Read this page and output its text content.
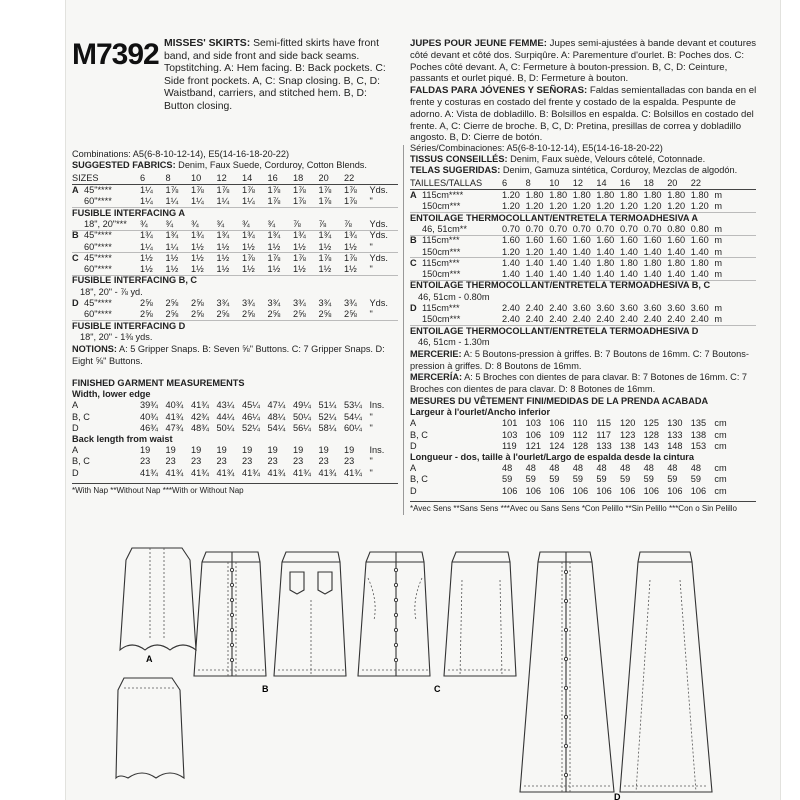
M7392 MISSES' SKIRTS: Semi-fitted skirts have front band, and side front and side back seams. Topstitching. A: Hem facing. B: Back pockets. C: Side front pockets. A, C: Snap closing. B, C, D: Waistband, carriers, and stitched hem. B, D: Button closing.
JUPES POUR JEUNE FEMME: Jupes semi-ajustées à bande devant et coutures côté devant et côté dos. Surpiqûre. A: Parementure d'ourlet. B: Poches dos. C: Poches côté devant. A, C: Fermeture à bouton-pression. B, C, D: Ceinture, passants et ourlet piqué. B, D: Fermeture à bouton.
FALDAS PARA JÓVENES Y SEÑORAS: Faldas semientalladas con banda en el frente y costuras en costado del frente y costado de la espalda. Pespunte de adorno. A: Vista de dobladillo. B: Bolsillos en espalda. C: Bolsillos en costado del frente. A, C: Cierre de broche. B, C, D: Pretina, presillas de correa y dobladillo angosto. B, D: Cierre de botón.
A
B	C
D
Combinations: A5(6-8-10-12-14), E5(14-16-18-20-22)
SUGGESTED FABRICS: Denim, Faux Suede, Corduroy, Cotton Blends.
SIZES	6 8 10 12 14 16 18 20 22
A 45"****	1¼ 1⅞ 1⅞ 1⅞ 1⅞ 1⅞ 1⅞ 1⅞ 1⅞ Yds.
60"****	1¼ 1¼ 1¼ 1¼ 1¼ 1⅞ 1⅞ 1⅞ 1⅞ "
FUSIBLE INTERFACING A
18", 20"*** ¾ ¾ ¾ ¾ ¾ ¾ ⅞ ⅞ ⅞ Yds.
B 45"****	1¾ 1¾ 1¾ 1¾ 1¾ 1¾ 1¾ 1¾ 1¾ Yds.
60"****	1¼ 1¼ 1½ 1½ 1½ 1½ 1½ 1½ 1½ "
C 45"****	1½ 1½ 1½ 1½ 1⅞ 1⅞ 1⅞ 1⅞ 1⅞ Yds.
60"****	1½ 1½ 1½ 1½ 1½ 1½ 1½ 1½ 1½ "
FUSIBLE INTERFACING B, C
18", 20" - ⅞ yd.
D 45"****	2⅝ 2⅝ 2⅝ 3¾ 3¾ 3¾ 3¾ 3¾ 3¾ Yds.
60"****	2⅝ 2⅝ 2⅝ 2⅝ 2⅝ 2⅝ 2⅝ 2⅝ 2⅝ "
FUSIBLE INTERFACING D
18", 20" - 1⅜ yds.
NOTIONS: A: 5 Gripper Snaps. B: Seven ⅝" Buttons. C: 7 Gripper Snaps. D: Eight ⅝" Buttons.
FINISHED GARMENT MEASUREMENTS
Width, lower edge
A	39¾ 40¾ 41¾ 43¼ 45¼ 47¼ 49¼ 51¼ 53¼ Ins.
B, C	40¾ 41¾ 42¾ 44¼ 46¼ 48¼ 50¼ 52¼ 54¼ "
D	46¾ 47¾ 48¾ 50¼ 52¼ 54¼ 56¼ 58¼ 60¼ "
Back length from waist
A	19 19 19 19 19 19 19 19 19 Ins.
B, C	23 23 23 23 23 23 23 23 23 "
D	41¾ 41¾ 41¾ 41¾ 41¾ 41¾ 41¾ 41¾ 41¾ "
*With Nap **Without Nap ***With or Without Nap
Séries/Combinaciones: A5(6-8-10-12-14), E5(14-16-18-20-22)
TISSUS CONSEILLÉS: Denim, Faux suède, Velours côtelé, Cotonnade.
TELAS SUGERIDAS: Denim, Gamuza sintética, Corduroy, Mezclas de algodón.
TAILLES/TALLAS 6 8 10 12 14 16 18 20 22
A 115cm****	1.20 1.80 1.80 1.80 1.80 1.80 1.80 1.80 1.80 m
150cm***	1.20 1.20 1.20 1.20 1.20 1.20 1.20 1.20 1.20 m
ENTOILAGE THERMOCOLLANT/ENTRETELA TERMOADHESIVA A
46, 51cm**	0.70 0.70 0.70 0.70 0.70 0.70 0.70 0.80 0.80 m
B 115cm***	1.60 1.60 1.60 1.60 1.60 1.60 1.60 1.60 1.60 m
150cm***	1.20 1.20 1.40 1.40 1.40 1.40 1.40 1.40 1.40 m
C 115cm***	1.40 1.40 1.40 1.40 1.80 1.80 1.80 1.80 1.80 m
150cm***	1.40 1.40 1.40 1.40 1.40 1.40 1.40 1.40 1.40 m
ENTOILAGE THERMOCOLLANT/ENTRETELA TERMOADHESIVA B, C
46, 51cm - 0.80m
D 115cm***	2.40 2.40 2.40 3.60 3.60 3.60 3.60 3.60 3.60 m
150cm***	2.40 2.40 2.40 2.40 2.40 2.40 2.40 2.40 2.40 m
ENTOILAGE THERMOCOLLANT/ENTRETELA TERMOADHESIVA D
46, 51cm - 1.30m
MERCERIE: A: 5 Boutons-pression à griffes. B: 7 Boutons de 16mm. C: 7 Boutons-pression à griffes. D: 8 Boutons de 16mm.
MERCERÍA: A: 5 Broches con dientes de para clavar. B: 7 Botones de 16mm. C: 7 Broches con dientes de para clavar. D: 8 Botones de 16mm.
MESURES DU VÊTEMENT FINI/MEDIDAS DE LA PRENDA ACABADA
Largeur à l'ourlet/Ancho inferior
A	101 103 106 110 115 120 125 130 135 cm
B, C	103 106 109 112 117 123 128 133 138 cm
D	119 121 124 128 133 138 143 148 153 cm
Longueur - dos, taille à l'ourlet/Largo de espalda desde la cintura
A	48 48 48 48 48 48 48 48 48 cm
B, C	59 59 59 59 59 59 59 59 59 cm
D	106 106 106 106 106 106 106 106 106 cm
*Avec Sens **Sans Sens ***Avec ou Sans Sens *Con Pelillo **Sin Pelillo ***Con o Sin Pelillo
